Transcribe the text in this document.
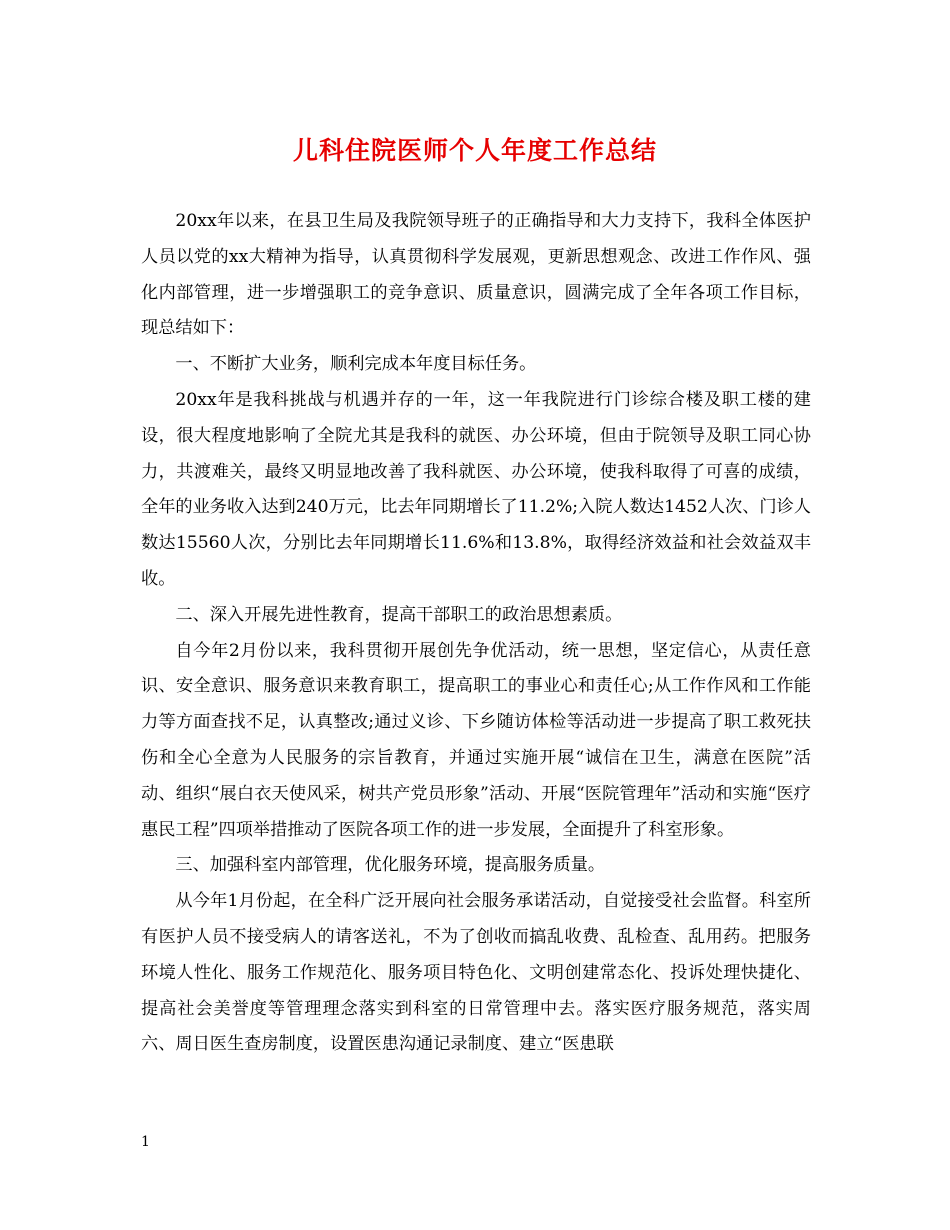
儿科住院医师个人年度工作总结

20xx年以来，在县卫生局及我院领导班子的正确指导和大力支持下，我科全体医护人员以党的xx大精神为指导，认真贯彻科学发展观，更新思想观念、改进工作作风、强化内部管理，进一步增强职工的竞争意识、质量意识，圆满完成了全年各项工作目标，现总结如下：

一、不断扩大业务，顺利完成本年度目标任务。

20xx年是我科挑战与机遇并存的一年，这一年我院进行门诊综合楼及职工楼的建设，很大程度地影响了全院尤其是我科的就医、办公环境，但由于院领导及职工同心协力，共渡难关，最终又明显地改善了我科就医、办公环境，使我科取得了可喜的成绩，全年的业务收入达到240万元，比去年同期增长了11.2%;入院人数达1452人次、门诊人数达15560人次，分别比去年同期增长11.6%和13.8%，取得经济效益和社会效益双丰收。

二、深入开展先进性教育，提高干部职工的政治思想素质。

自今年2月份以来，我科贯彻开展创先争优活动，统一思想，坚定信心，从责任意识、安全意识、服务意识来教育职工，提高职工的事业心和责任心;从工作作风和工作能力等方面查找不足，认真整改;通过义诊、下乡随访体检等活动进一步提高了职工救死扶伤和全心全意为人民服务的宗旨教育，并通过实施开展“诚信在卫生，满意在医院”活动、组织“展白衣天使风采，树共产党员形象”活动、开展“医院管理年”活动和实施“医疗惠民工程”四项举措推动了医院各项工作的进一步发展，全面提升了科室形象。

三、加强科室内部管理，优化服务环境，提高服务质量。

从今年1月份起，在全科广泛开展向社会服务承诺活动，自觉接受社会监督。科室所有医护人员不接受病人的请客送礼，不为了创收而搞乱收费、乱检查、乱用药。把服务环境人性化、服务工作规范化、服务项目特色化、文明创建常态化、投诉处理快捷化、提高社会美誉度等管理理念落实到科室的日常管理中去。落实医疗服务规范，落实周六、周日医生查房制度，设置医患沟通记录制度、建立“医患联

1
